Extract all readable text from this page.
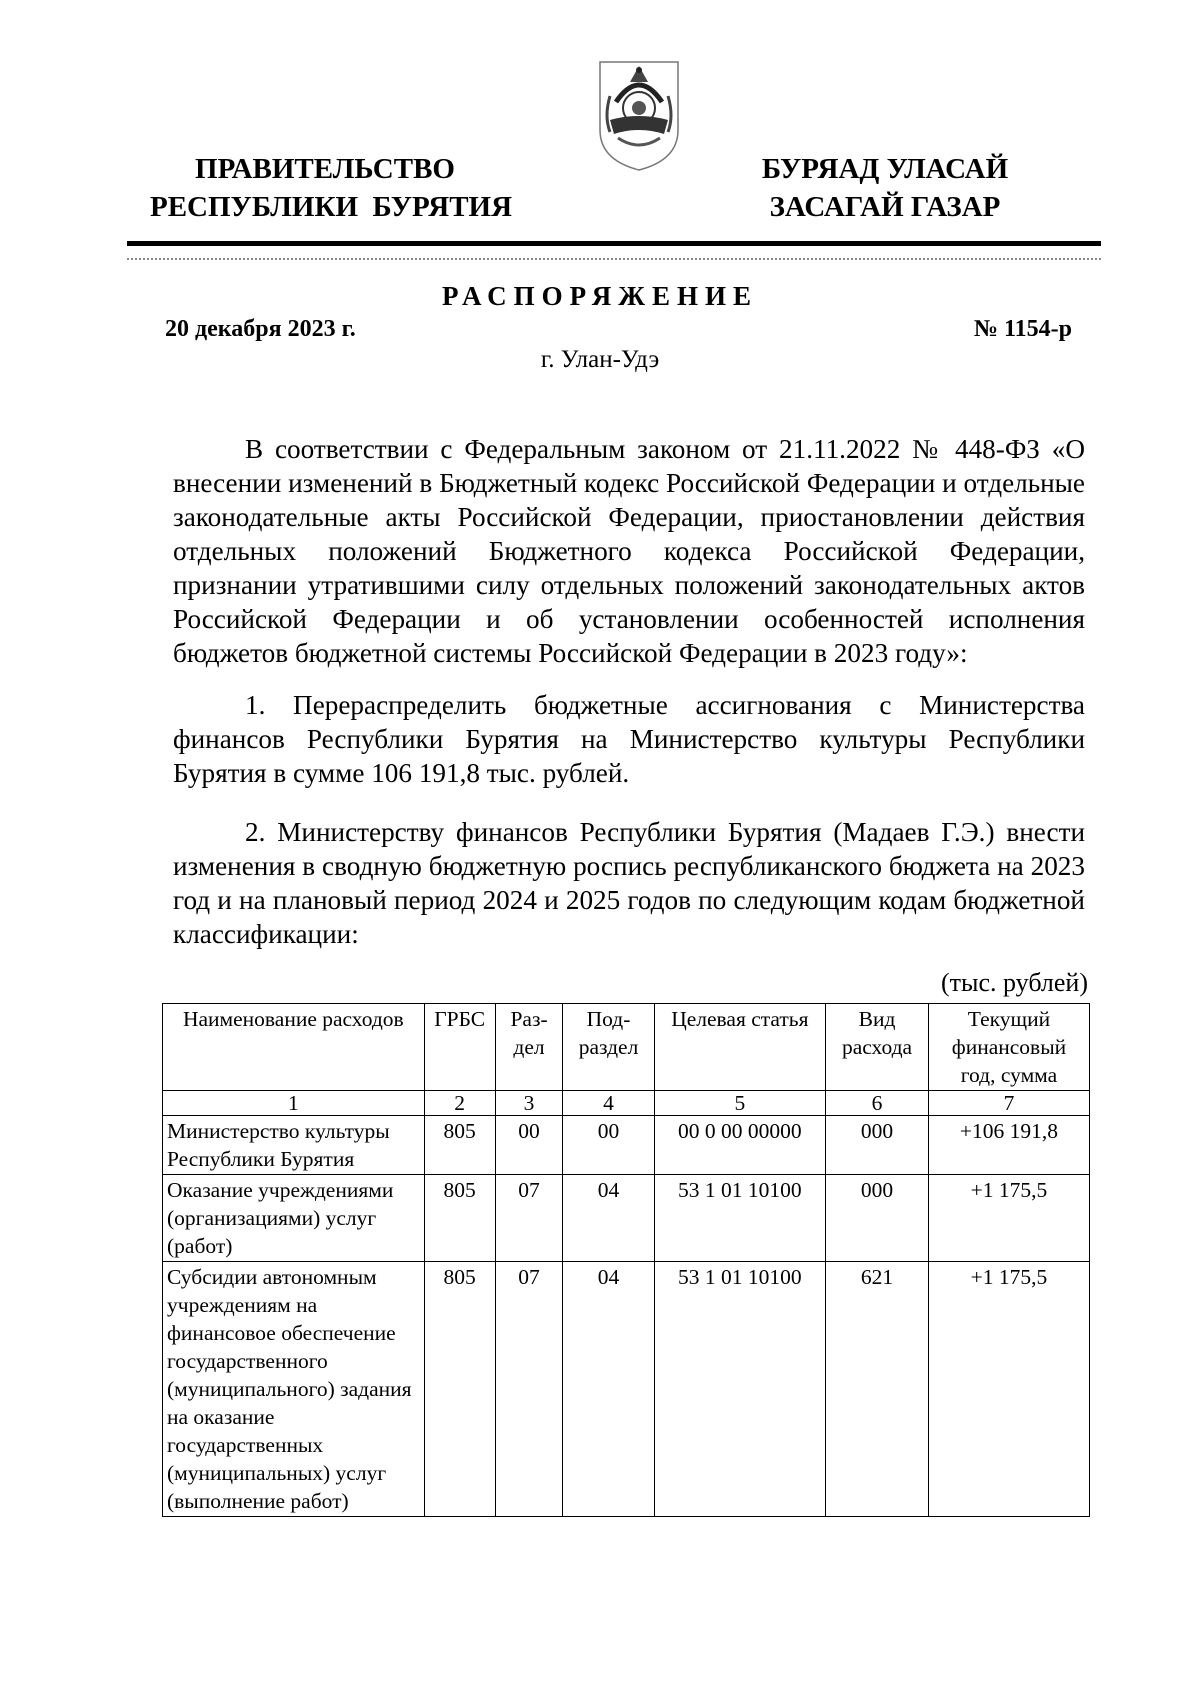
ПРАВИТЕЛЬСТВО
РЕСПУБЛИКИ  БУРЯТИЯ
БУРЯАД УЛАСАЙ
ЗАСАГАЙ ГАЗАР
РАСПОРЯЖЕНИЕ
20 декабря 2023 г.	№ 1154-р
г. Улан-Удэ

В соответствии с Федеральным законом от 21.11.2022 № 448-ФЗ «О внесении изменений в Бюджетный кодекс Российской Федерации и отдельные законодательные акты Российской Федерации, приостановлении действия отдельных положений Бюджетного кодекса Российской Федерации, признании утратившими силу отдельных положений законодательных актов Российской Федерации и об установлении особенностей исполнения бюджетов бюджетной системы Российской Федерации в 2023 году»:

1. Перераспределить бюджетные ассигнования с Министерства финансов Республики Бурятия на Министерство культуры Республики Бурятия в сумме 106 191,8 тыс. рублей.

2. Министерству финансов Республики Бурятия (Мадаев Г.Э.) внести изменения в сводную бюджетную роспись республиканского бюджета на 2023 год и на плановый период 2024 и 2025 годов по следующим кодам бюджетной классификации:

(тыс. рублей)
Наименование расходов	ГРБС	Раз-дел	Под-раздел	Целевая статья	Вид расхода	Текущий финансовый год, сумма
1	2	3	4	5	6	7
Министерство культуры Республики Бурятия	805	00	00	00 0 00 00000	000	+106 191,8
Оказание учреждениями (организациями) услуг (работ)	805	07	04	53 1 01 10100	000	+1 175,5
Субсидии автономным учреждениям на финансовое обеспечение государственного (муниципального) задания на оказание государственных (муниципальных) услуг (выполнение работ)	805	07	04	53 1 01 10100	621	+1 175,5
